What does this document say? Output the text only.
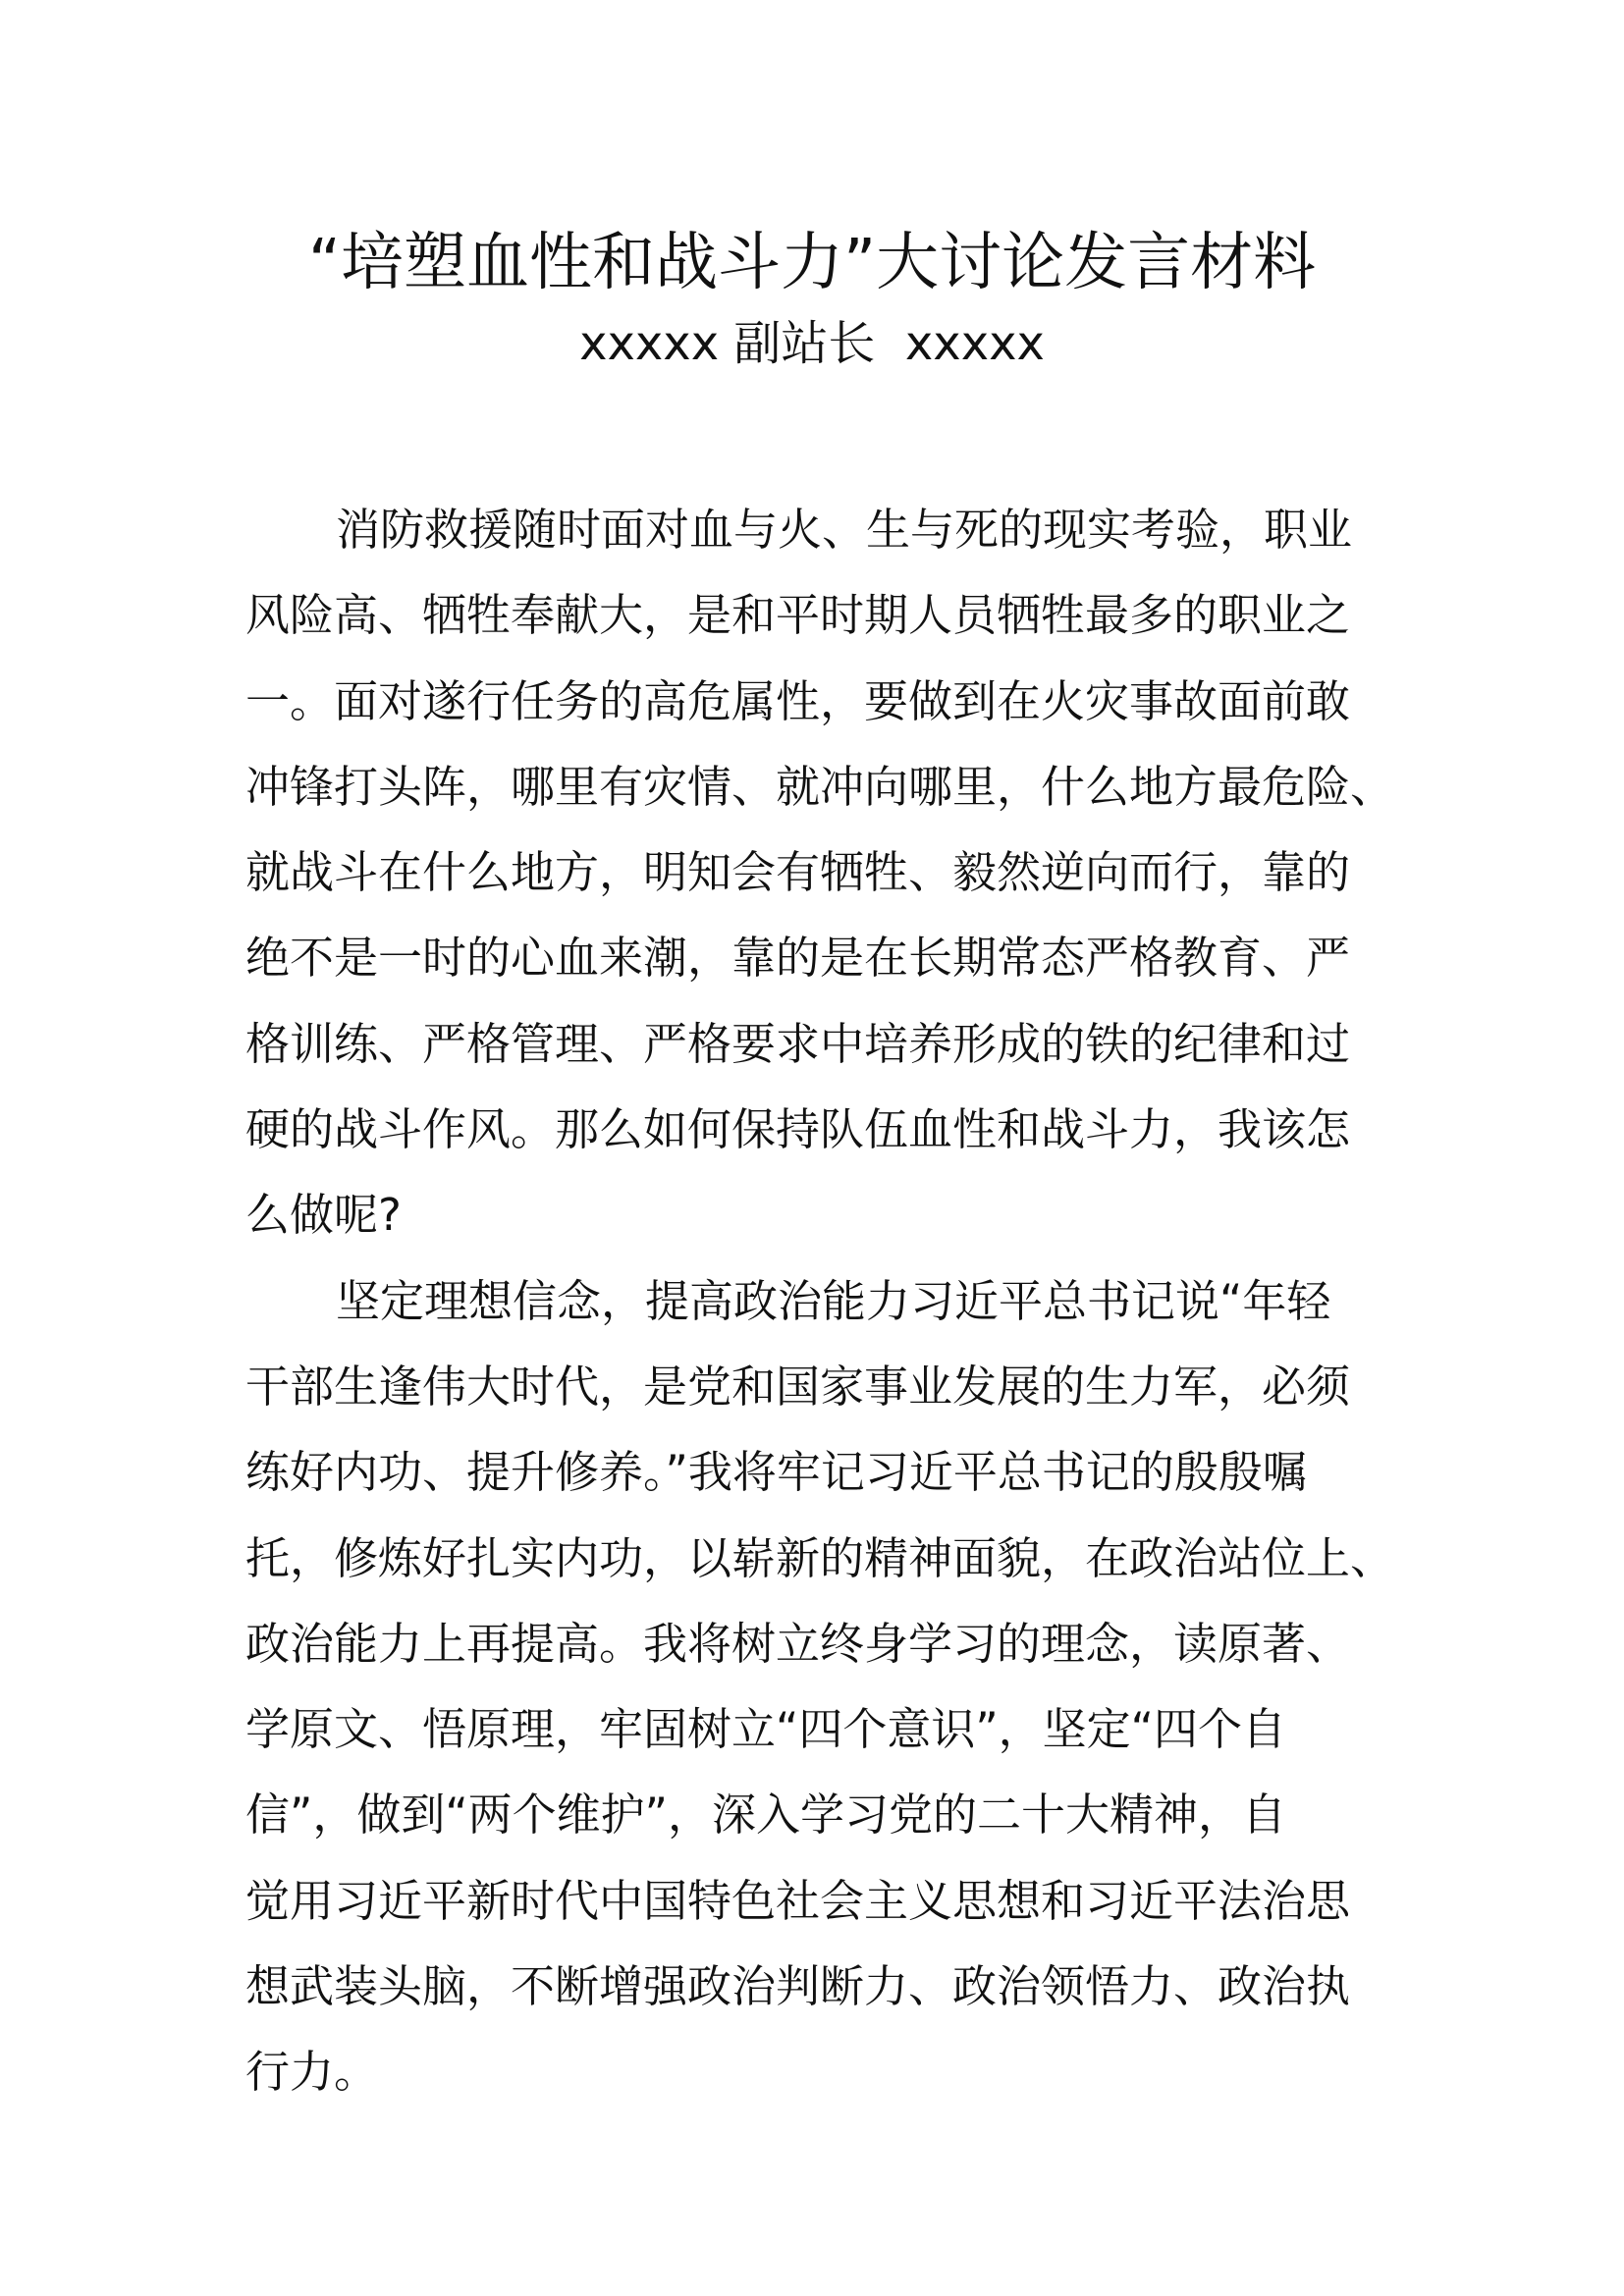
“培塑血性和战斗力”大讨论发言材料

xxxxx 副站长  xxxxx

消防救援随时面对血与火、生与死的现实考验，职业
风险高、牺牲奉献大，是和平时期人员牺牲最多的职业之
一。面对遂行任务的高危属性，要做到在火灾事故面前敢
冲锋打头阵，哪里有灾情、就冲向哪里，什么地方最危险、
就战斗在什么地方，明知会有牺牲、毅然逆向而行，靠的
绝不是一时的心血来潮，靠的是在长期常态严格教育、严
格训练、严格管理、严格要求中培养形成的铁的纪律和过
硬的战斗作风。那么如何保持队伍血性和战斗力，我该怎
么做呢?

坚定理想信念，提高政治能力习近平总书记说“年轻
干部生逢伟大时代，是党和国家事业发展的生力军，必须
练好内功、提升修养。”我将牢记习近平总书记的殷殷嘱
托，修炼好扎实内功，以崭新的精神面貌，在政治站位上、
政治能力上再提高。我将树立终身学习的理念，读原著、
学原文、悟原理，牢固树立“四个意识”，坚定“四个自
信”，做到“两个维护”，深入学习党的二十大精神，自
觉用习近平新时代中国特色社会主义思想和习近平法治思
想武装头脑，不断增强政治判断力、政治领悟力、政治执
行力。
